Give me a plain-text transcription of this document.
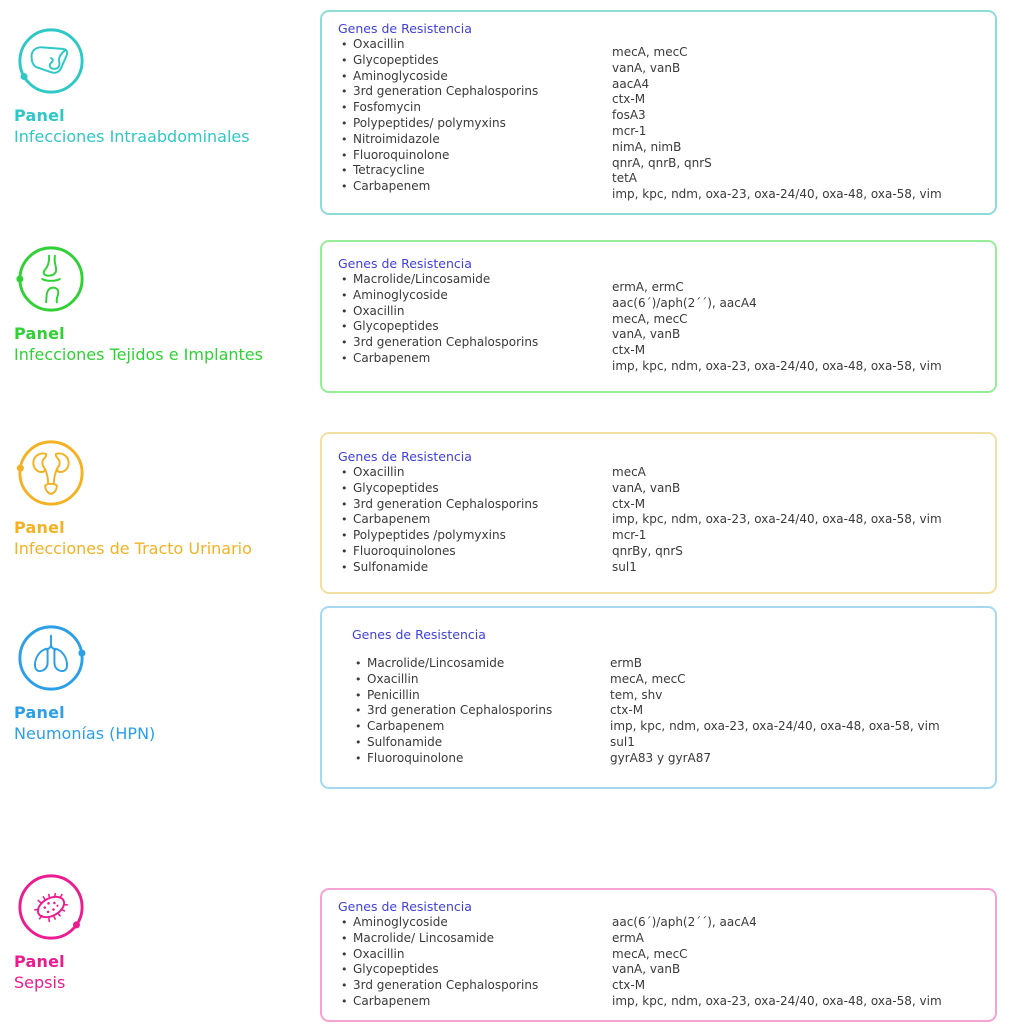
Panel
Infecciones Intraabdominales
Genes de Resistencia
• Oxacillin
• Glycopeptides
• Aminoglycoside
• 3rd generation Cephalosporins
• Fosfomycin
• Polypeptides/ polymyxins
• Nitroimidazole
• Fluoroquinolone
• Tetracycline
• Carbapenem
mecA, mecC
vanA, vanB
aacA4
ctx-M
fosA3
mcr-1
nimA, nimB
qnrA, qnrB, qnrS
tetA
imp, kpc, ndm, oxa-23, oxa-24/40, oxa-48, oxa-58, vim
Panel
Infecciones Tejidos e Implantes
Genes de Resistencia
• Macrolide/Lincosamide
• Aminoglycoside
• Oxacillin
• Glycopeptides
• 3rd generation Cephalosporins
• Carbapenem
ermA, ermC
aac(6´)/aph(2´´), aacA4
mecA, mecC
vanA, vanB
ctx-M
imp, kpc, ndm, oxa-23, oxa-24/40, oxa-48, oxa-58, vim
Panel
Infecciones de Tracto Urinario
Genes de Resistencia
• Oxacillin
• Glycopeptides
• 3rd generation Cephalosporins
• Carbapenem
• Polypeptides /polymyxins
• Fluoroquinolones
• Sulfonamide
mecA
vanA, vanB
ctx-M
imp, kpc, ndm, oxa-23, oxa-24/40, oxa-48, oxa-58, vim
mcr-1
qnrBy, qnrS
sul1
Panel
Neumonías (HPN)
Genes de Resistencia
• Macrolide/Lincosamide
• Oxacillin
• Penicillin
• 3rd generation Cephalosporins
• Carbapenem
• Sulfonamide
• Fluoroquinolone
ermB
mecA, mecC
tem, shv
ctx-M
imp, kpc, ndm, oxa-23, oxa-24/40, oxa-48, oxa-58, vim
sul1
gyrA83 y gyrA87
Panel
Sepsis
Genes de Resistencia
• Aminoglycoside
• Macrolide/ Lincosamide
• Oxacillin
• Glycopeptides
• 3rd generation Cephalosporins
• Carbapenem
aac(6´)/aph(2´´), aacA4
ermA
mecA, mecC
vanA, vanB
ctx-M
imp, kpc, ndm, oxa-23, oxa-24/40, oxa-48, oxa-58, vim
